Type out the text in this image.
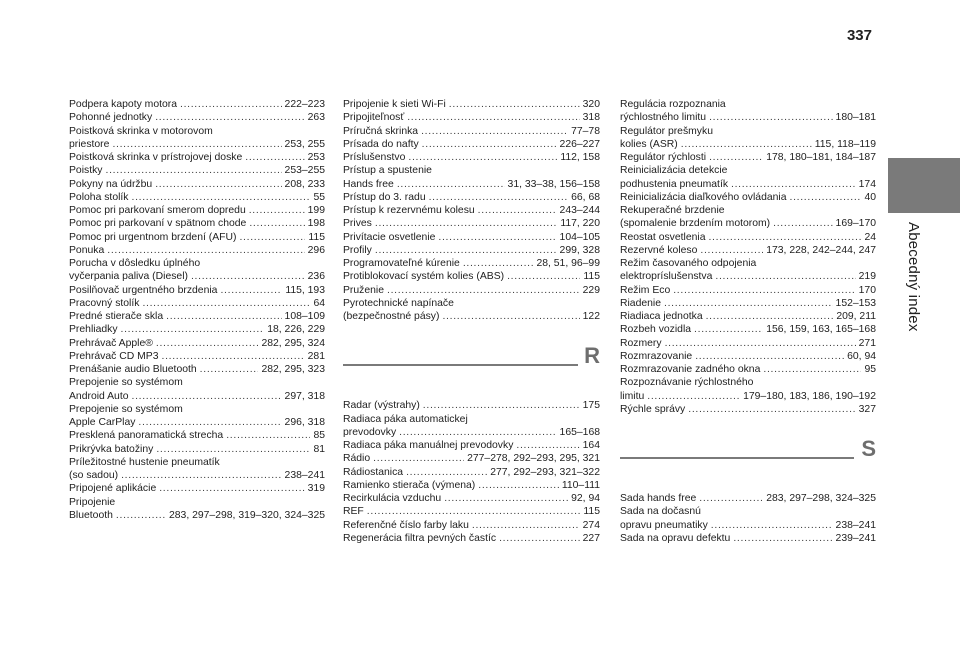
337
Abecedný index
Podpera kapoty motora . . .	222–223
Pohonné jednotky . . .	263
Poistková skrinka v motorovom
priestore . . .	253, 255
Poistková skrinka v prístrojovej doske . . .	253
Poistky . . .	253–255
Pokyny na údržbu . . .	208, 233
Poloha stolík . . .	55
Pomoc pri parkovaní smerom dopredu . . .	199
Pomoc pri parkovaní v spätnom chode . . .	198
Pomoc pri urgentnom brzdení (AFU) . . .	115
Ponuka . . .	296
Porucha v dôsledku úplného
vyčerpania paliva (Diesel) . . .	236
Posilňovač urgentného brzdenia . . .	115, 193
Pracovný stolík . . .	64
Predné stierače skla . . .	108–109
Prehliadky . . .	18, 226, 229
Prehrávač Apple® . . .	282, 295, 324
Prehrávač CD MP3 . . .	281
Prenášanie audio Bluetooth . . .	282, 295, 323
Prepojenie so systémom
Android Auto . . .	297, 318
Prepojenie so systémom
Apple CarPlay . . .	296, 318
Presklená panoramatická strecha . . .	85
Prikrývka batožiny . . .	81
Príležitostné hustenie pneumatík
(so sadou) . . .	238–241
Pripojené aplikácie . . .	319
Pripojenie
Bluetooth . . .	283, 297–298, 319–320, 324–325
Pripojenie k sieti Wi-Fi . . .	320
Pripojiteľnosť . . .	318
Príručná skrinka . . .	77–78
Prísada do nafty . . .	226–227
Príslušenstvo . . .	112, 158
Prístup a spustenie
Hands free . . .	31, 33–38, 156–158
Prístup do 3. radu . . .	66, 68
Prístup k rezervnému kolesu . . .	243–244
Prives . . .	117, 220
Privítacie osvetlenie . . .	104–105
Profily . . .	299, 328
Programovateľné kúrenie . . .	28, 51, 96–99
Protiblokovací systém kolies (ABS) . . .	115
Pruženie . . .	229
Pyrotechnické napínače
(bezpečnostné pásy) . . .	122
R
Radar (výstrahy) . . .	175
Radiaca páka automatickej
prevodovky . . .	165–168
Radiaca páka manuálnej prevodovky . . .	164
Rádio . . .	277–278, 292–293, 295, 321
Rádiostanica . . .	277, 292–293, 321–322
Ramienko stierača (výmena) . . .	110–111
Recirkulácia vzduchu . . .	92, 94
REF . . .	115
Referenčné číslo farby laku . . .	274
Regenerácia filtra pevných častíc . . .	227
Regulácia rozpoznania
rýchlostného limitu . . .	180–181
Regulátor prešmyku
kolies (ASR) . . .	115, 118–119
Regulátor rýchlosti . . .	178, 180–181, 184–187
Reinicializácia detekcie
podhustenia pneumatík . . .	174
Reinicializácia diaľkového ovládania . . .	40
Rekuperačné brzdenie
(spomalenie brzdením motorom) . . .	169–170
Reostat osvetlenia . . .	24
Rezervné koleso . . .	173, 228, 242–244, 247
Režim časovaného odpojenia
elektropríslušenstva . . .	219
Režim Eco . . .	170
Riadenie . . .	152–153
Riadiaca jednotka . . .	209, 211
Rozbeh vozidla . . .	156, 159, 163, 165–168
Rozmery . . .	271
Rozmrazovanie . . .	60, 94
Rozmrazovanie zadného okna . . .	95
Rozpoznávanie rýchlostného
limitu . . .	179–180, 183, 186, 190–192
Rýchle správy . . .	327
S
Sada hands free . . .	283, 297–298, 324–325
Sada na dočasnú
opravu pneumatiky . . .	238–241
Sada na opravu defektu . . .	239–241
